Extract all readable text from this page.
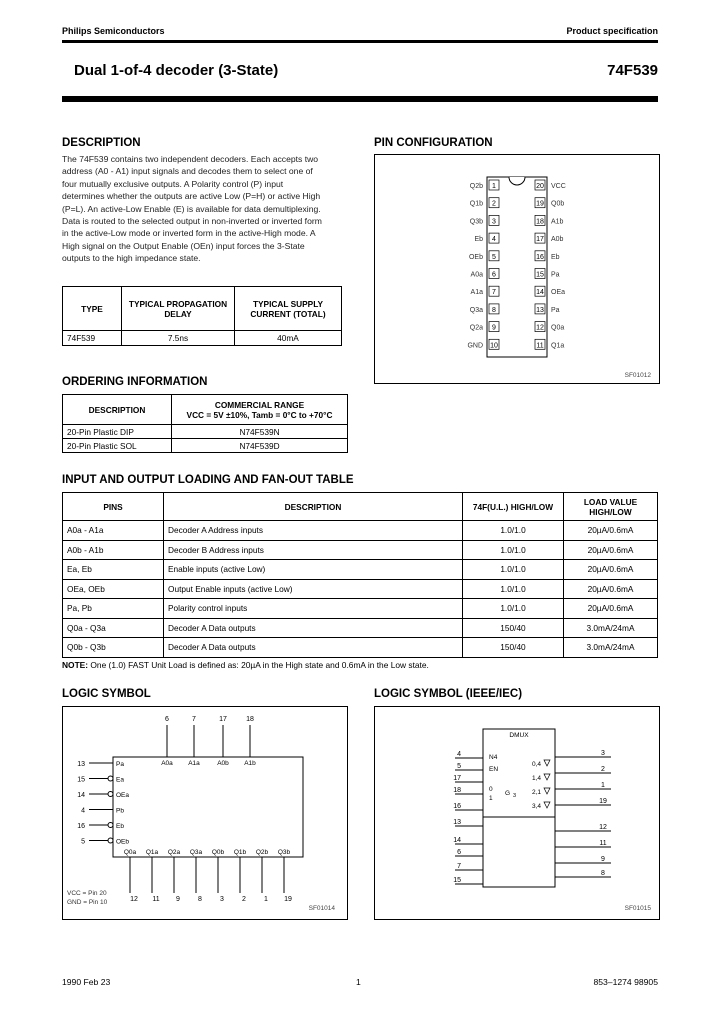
Philips Semiconductors	Product specification
Dual 1-of-4 decoder (3-State)	74F539
DESCRIPTION
The 74F539 contains two independent decoders. Each accepts two
address (A0 - A1) input signals and decodes them to select one of
four mutually exclusive outputs. A Polarity control (P) input
determines whether the outputs are active Low (P=H) or active High
(P=L). An active-Low Enable (E) is available for data demultiplexing.
Data is routed to the selected output in non-inverted or inverted form
in the active-Low mode or inverted form in the active-High mode. A
High signal on the Output Enable (OEn) input forces the 3-State
outputs to the high impedance state.
TYPE	TYPICAL PROPAGATION DELAY	TYPICAL SUPPLY CURRENT (TOTAL)
74F539	7.5ns	40mA
ORDERING INFORMATION
DESCRIPTION	COMMERCIAL RANGE
VCC = 5V ±10%, Tamb = 0°C to +70°C

20-Pin Plastic DIP	N74F539N
20-Pin Plastic SOL	N74F539D
PIN CONFIGURATION
1
Q2b
2
Q1b
3
Q3b
4
Eb
5
OEb
6
A0a
7
A1a
8
Q3a
9
Q2a
10
GND
20 VCC
19 Q0b
18 A1b
17 A0b
16 Eb
15 Pa
14 OEa
13 Pa
12 Q0a
11 Q1a
SF01012
INPUT AND OUTPUT LOADING AND FAN-OUT TABLE
PINS	DESCRIPTION	74F(U.L.) HIGH/LOW	LOAD VALUE HIGH/LOW
A0a - A1a	Decoder A Address inputs	1.0/1.0	20µA/0.6mA
A0b - A1b	Decoder B Address inputs	1.0/1.0	20µA/0.6mA
Ea, Eb	Enable inputs (active Low)	1.0/1.0	20µA/0.6mA
OEa, OEb	Output Enable inputs (active Low)	1.0/1.0	20µA/0.6mA
Pa, Pb	Polarity control inputs	1.0/1.0	20µA/0.6mA
Q0a - Q3a	Decoder A Data outputs	150/40	3.0mA/24mA
Q0b - Q3b	Decoder A Data outputs	150/40	3.0mA/24mA
NOTE: One (1.0) FAST Unit Load is defined as: 20µA in the High state and 0.6mA in the Low state.
LOGIC SYMBOL
6
A0a
7
A1a
17
A0b
18
A1b
13	Pa
15	Ea
14	OEa
4	Pb
16	Eb
5	OEb
Q0a
12
Q1a
11
Q2a
9
Q3a
8
Q0b
3
Q1b
2
Q2b
1
Q3b
19
VCC = Pin 20
GND = Pin 10
SF01014
LOGIC SYMBOL (IEEE/IEC)
DMUX
4
5
17
18
16
13
14
6
7
15
N4
EN
0
1
G 3
0,4
1,4
2,1
3,4
3
2
1
19
12
11
9
8
SF01015
1990 Feb 23	1	853–1274 98905
